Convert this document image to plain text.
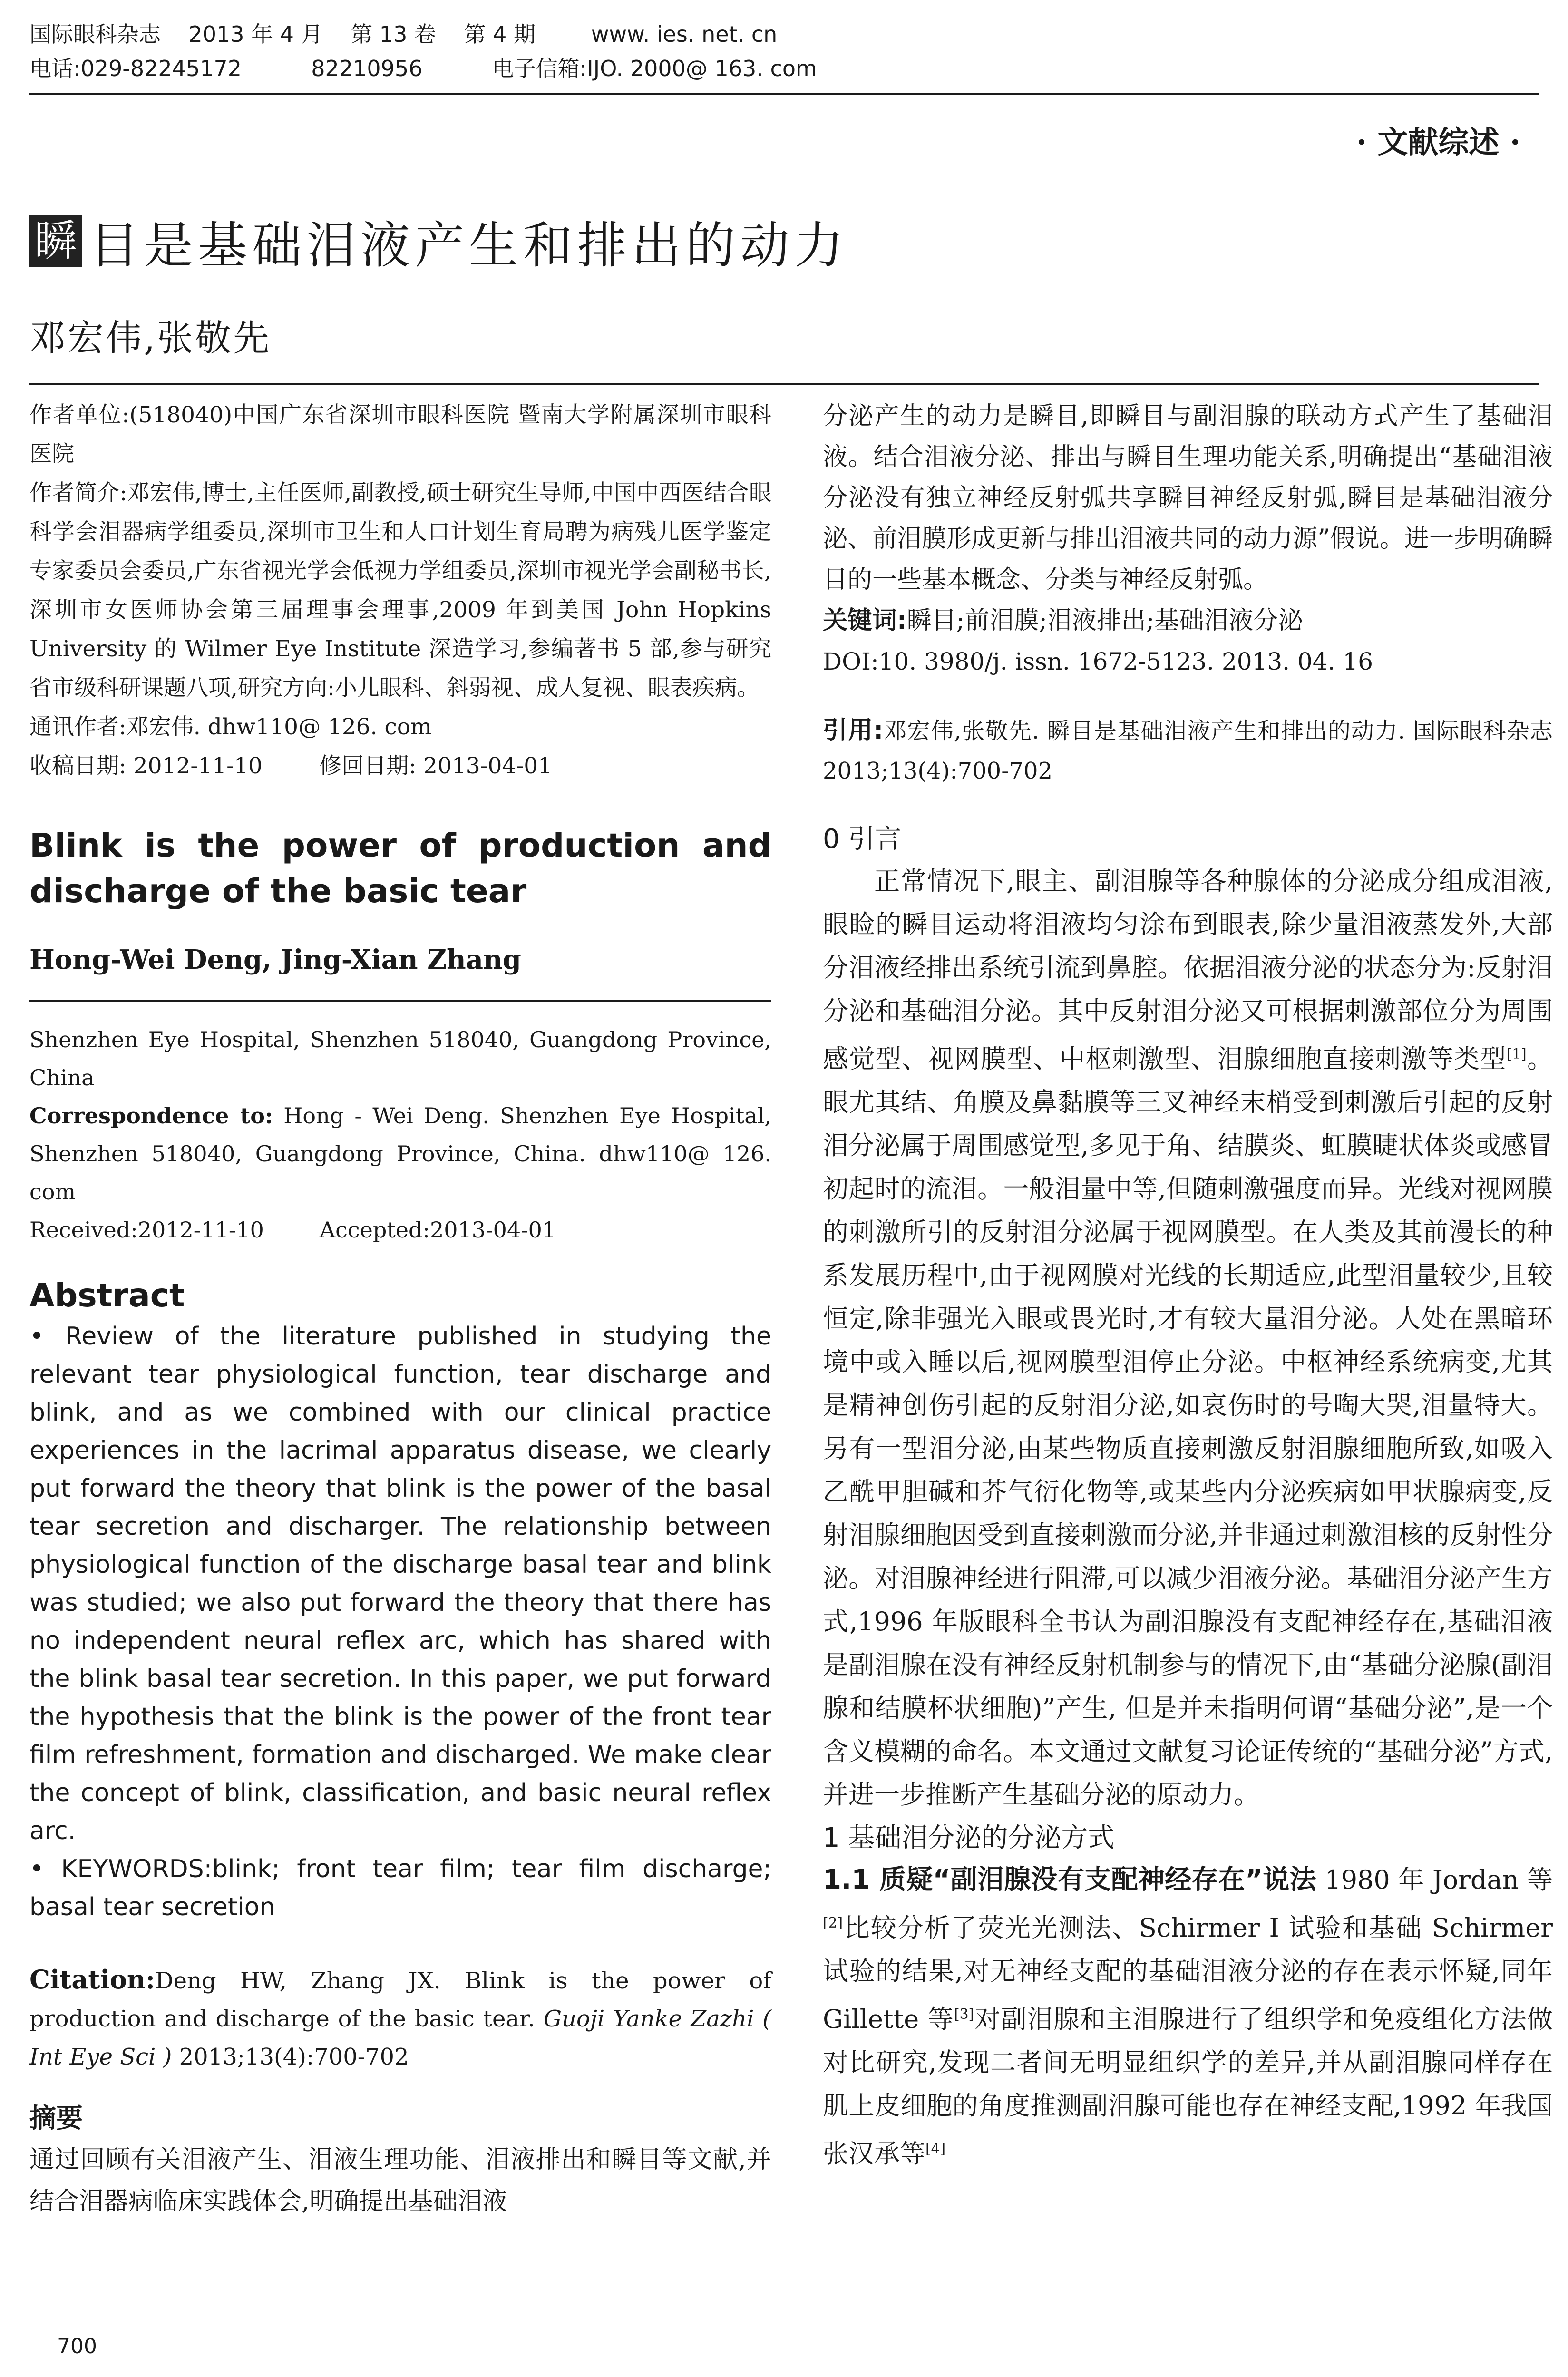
国际眼科杂志    2013 年 4 月    第 13 卷    第 4 期        www. ies. net. cn
电话:029-82245172          82210956          电子信箱:IJO. 2000@ 163. com
· 文献综述 ·
瞬 目是基础泪液产生和排出的动力
邓宏伟,张敬先

作者单位:(518040)中国广东省深圳市眼科医院 暨南大学附属深圳市眼科医院

作者简介:邓宏伟,博士,主任医师,副教授,硕士研究生导师,中国中西医结合眼科学会泪器病学组委员,深圳市卫生和人口计划生育局聘为病残儿医学鉴定专家委员会委员,广东省视光学会低视力学组委员,深圳市视光学会副秘书长,深圳市女医师协会第三届理事会理事,2009 年到美国 John Hopkins University 的 Wilmer Eye Institute 深造学习,参编著书 5 部,参与研究省市级科研课题八项,研究方向:小儿眼科、斜弱视、成人复视、眼表疾病。

通讯作者:邓宏伟. dhw110@ 126. com

收稿日期: 2012-11-10        修回日期: 2013-04-01

Blink is the power of production and discharge of the basic tear

Hong-Wei Deng, Jing-Xian Zhang

Shenzhen Eye Hospital, Shenzhen 518040, Guangdong Province, China

Correspondence to: Hong - Wei Deng. Shenzhen Eye Hospital, Shenzhen 518040, Guangdong Province, China. dhw110@ 126. com

Received:2012-11-10        Accepted:2013-04-01

Abstract

• Review of the literature published in studying the relevant tear physiological function, tear discharge and blink, and as we combined with our clinical practice experiences in the lacrimal apparatus disease, we clearly put forward the theory that blink is the power of the basal tear secretion and discharger. The relationship between physiological function of the discharge basal tear and blink was studied; we also put forward the theory that there has no independent neural reflex arc, which has shared with the blink basal tear secretion. In this paper, we put forward the hypothesis that the blink is the power of the front tear film refreshment, formation and discharged. We make clear the concept of blink, classification, and basic neural reflex arc.

• KEYWORDS:blink; front tear film; tear film discharge; basal tear secretion

Citation:Deng HW, Zhang JX. Blink is the power of production and discharge of the basic tear. Guoji Yanke Zazhi ( Int Eye Sci ) 2013;13(4):700-702

摘要

通过回顾有关泪液产生、泪液生理功能、泪液排出和瞬目等文献,并结合泪器病临床实践体会,明确提出基础泪液

分泌产生的动力是瞬目,即瞬目与副泪腺的联动方式产生了基础泪液。结合泪液分泌、排出与瞬目生理功能关系,明确提出“基础泪液分泌没有独立神经反射弧共享瞬目神经反射弧,瞬目是基础泪液分泌、前泪膜形成更新与排出泪液共同的动力源”假说。进一步明确瞬目的一些基本概念、分类与神经反射弧。

关键词:瞬目;前泪膜;泪液排出;基础泪液分泌

DOI:10. 3980/j. issn. 1672-5123. 2013. 04. 16

引用:邓宏伟,张敬先. 瞬目是基础泪液产生和排出的动力. 国际眼科杂志 2013;13(4):700-702

0 引言

正常情况下,眼主、副泪腺等各种腺体的分泌成分组成泪液,眼睑的瞬目运动将泪液均匀涂布到眼表,除少量泪液蒸发外,大部分泪液经排出系统引流到鼻腔。依据泪液分泌的状态分为:反射泪分泌和基础泪分泌。其中反射泪分泌又可根据刺激部位分为周围感觉型、视网膜型、中枢刺激型、泪腺细胞直接刺激等类型[1]。眼尤其结、角膜及鼻黏膜等三叉神经末梢受到刺激后引起的反射泪分泌属于周围感觉型,多见于角、结膜炎、虹膜睫状体炎或感冒初起时的流泪。一般泪量中等,但随刺激强度而异。光线对视网膜的刺激所引的反射泪分泌属于视网膜型。在人类及其前漫长的种系发展历程中,由于视网膜对光线的长期适应,此型泪量较少,且较恒定,除非强光入眼或畏光时,才有较大量泪分泌。人处在黑暗环境中或入睡以后,视网膜型泪停止分泌。中枢神经系统病变,尤其是精神创伤引起的反射泪分泌,如哀伤时的号啕大哭,泪量特大。另有一型泪分泌,由某些物质直接刺激反射泪腺细胞所致,如吸入乙酰甲胆碱和芥气衍化物等,或某些内分泌疾病如甲状腺病变,反射泪腺细胞因受到直接刺激而分泌,并非通过刺激泪核的反射性分泌。对泪腺神经进行阻滞,可以减少泪液分泌。基础泪分泌产生方式,1996 年版眼科全书认为副泪腺没有支配神经存在,基础泪液是副泪腺在没有神经反射机制参与的情况下,由“基础分泌腺(副泪腺和结膜杯状细胞)”产生, 但是并未指明何谓“基础分泌”,是一个含义模糊的命名。本文通过文献复习论证传统的“基础分泌”方式,并进一步推断产生基础分泌的原动力。

1 基础泪分泌的分泌方式

1.1 质疑“副泪腺没有支配神经存在”说法 1980 年 Jordan 等[2]比较分析了荧光光测法、Schirmer I 试验和基础 Schirmer 试验的结果,对无神经支配的基础泪液分泌的存在表示怀疑,同年 Gillette 等[3]对副泪腺和主泪腺进行了组织学和免疫组化方法做对比研究,发现二者间无明显组织学的差异,并从副泪腺同样存在肌上皮细胞的角度推测副泪腺可能也存在神经支配,1992 年我国张汉承等[4]

700
